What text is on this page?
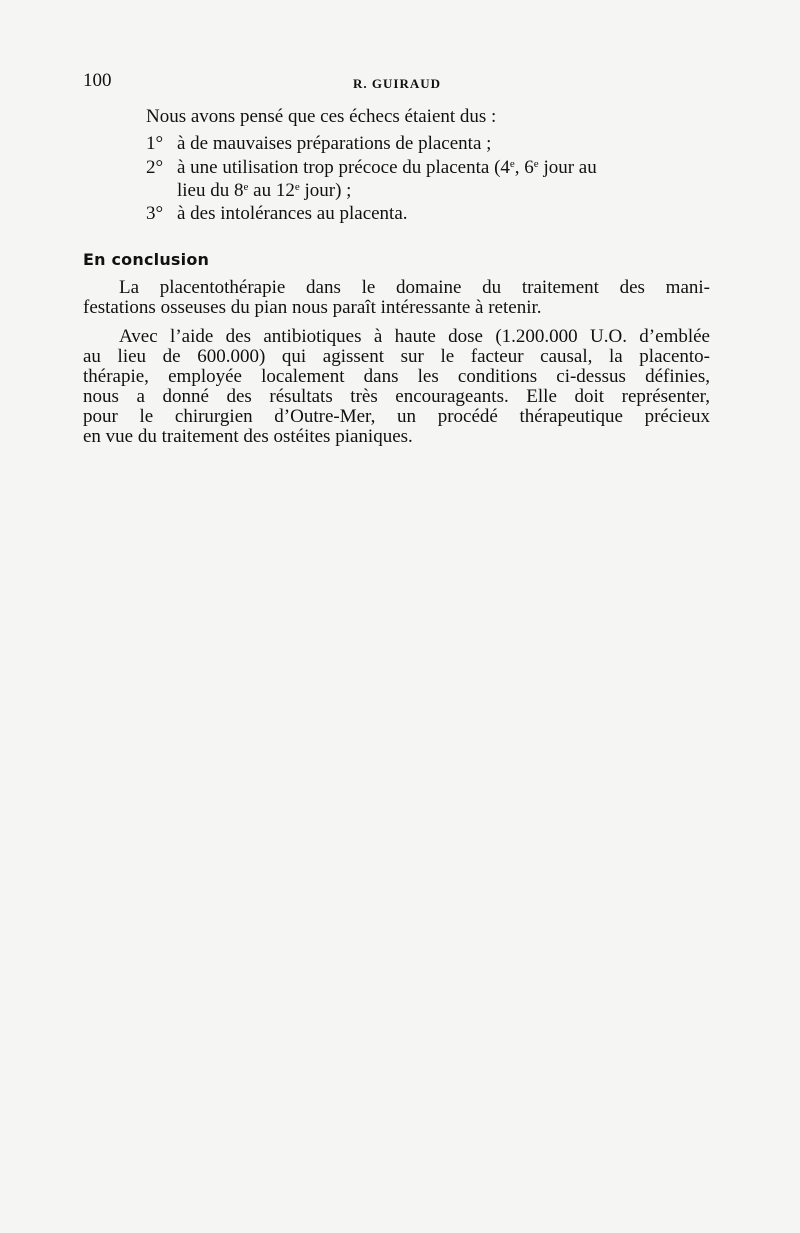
100	R. GUIRAUD
Nous avons pensé que ces échecs étaient dus :
1° à de mauvaises préparations de placenta ;
2° à une utilisation trop précoce du placenta (4e, 6e jour au
lieu du 8e au 12e jour) ;
3° à des intolérances au placenta.
En conclusion
La placentothérapie dans le domaine du traitement des mani-
festations osseuses du pian nous paraît intéressante à retenir.
Avec l’aide des antibiotiques à haute dose (1.200.000 U.O. d’emblée
au lieu de 600.000) qui agissent sur le facteur causal, la placento-
thérapie, employée localement dans les conditions ci-dessus définies,
nous a donné des résultats très encourageants. Elle doit représenter,
pour le chirurgien d’Outre-Mer, un procédé thérapeutique précieux
en vue du traitement des ostéites pianiques.
